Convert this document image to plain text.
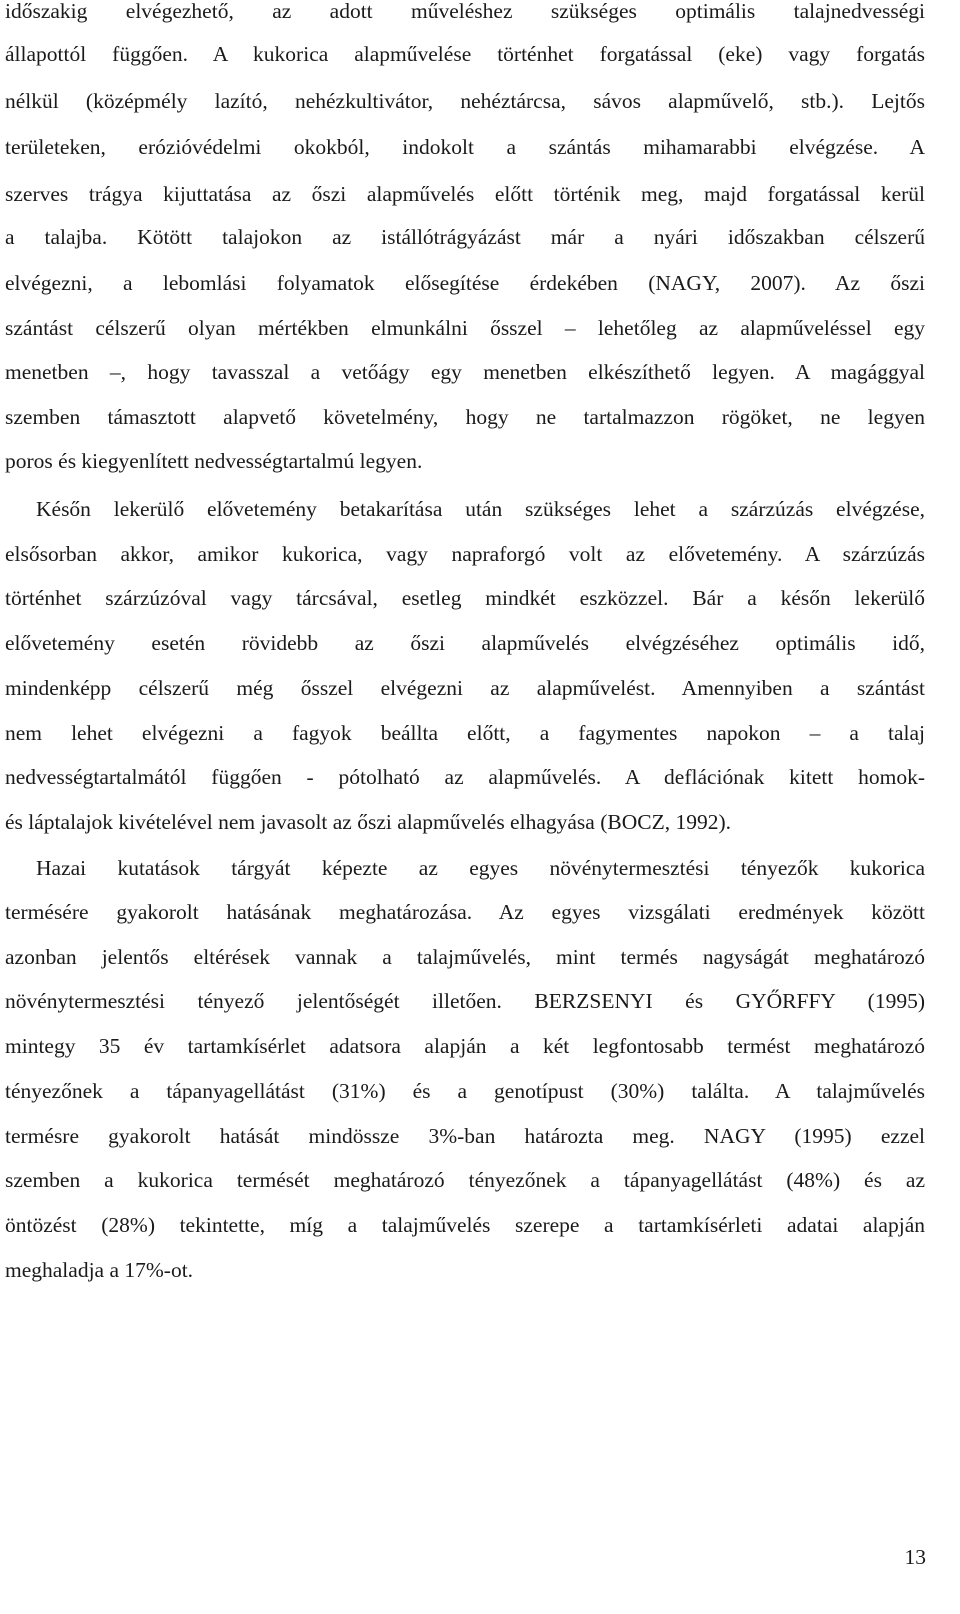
időszakig elvégezhető, az adott műveléshez szükséges optimális talajnedvességi
állapottól függően. A kukorica alapművelése történhet forgatással (eke) vagy forgatás
nélkül (középmély lazító, nehézkultivátor, nehéztárcsa, sávos alapművelő, stb.). Lejtős
területeken, erózióvédelmi okokból, indokolt a szántás mihamarabbi elvégzése. A
szerves trágya kijuttatása az őszi alapművelés előtt történik meg, majd forgatással kerül
a talajba. Kötött talajokon az istállótrágyázást már a nyári időszakban célszerű
elvégezni, a lebomlási folyamatok elősegítése érdekében (NAGY, 2007). Az őszi
szántást célszerű olyan mértékben elmunkálni ősszel – lehetőleg az alapműveléssel egy
menetben –, hogy tavasszal a vetőágy egy menetben elkészíthető legyen. A magággyal
szemben támasztott alapvető követelmény, hogy ne tartalmazzon rögöket, ne legyen
poros és kiegyenlített nedvességtartalmú legyen.
Későn lekerülő elővetemény betakarítása után szükséges lehet a szárzúzás elvégzése,
elsősorban akkor, amikor kukorica, vagy napraforgó volt az elővetemény. A szárzúzás
történhet szárzúzóval vagy tárcsával, esetleg mindkét eszközzel. Bár a későn lekerülő
elővetemény esetén rövidebb az őszi alapművelés elvégzéséhez optimális idő,
mindenképp célszerű még ősszel elvégezni az alapművelést. Amennyiben a szántást
nem lehet elvégezni a fagyok beállta előtt, a fagymentes napokon – a talaj
nedvességtartalmától függően - pótolható az alapművelés. A deflációnak kitett homok-
és láptalajok kivételével nem javasolt az őszi alapművelés elhagyása (BOCZ, 1992).
Hazai kutatások tárgyát képezte az egyes növénytermesztési tényezők kukorica
termésére gyakorolt hatásának meghatározása. Az egyes vizsgálati eredmények között
azonban jelentős eltérések vannak a talajművelés, mint termés nagyságát meghatározó
növénytermesztési tényező jelentőségét illetően. BERZSENYI és GYŐRFFY (1995)
mintegy 35 év tartamkísérlet adatsora alapján a két legfontosabb termést meghatározó
tényezőnek a tápanyagellátást (31%) és a genotípust (30%) találta. A talajművelés
termésre gyakorolt hatását mindössze 3%-ban határozta meg. NAGY (1995) ezzel
szemben a kukorica termését meghatározó tényezőnek a tápanyagellátást (48%) és az
öntözést (28%) tekintette, míg a talajművelés szerepe a tartamkísérleti adatai alapján
meghaladja a 17%-ot.
13
